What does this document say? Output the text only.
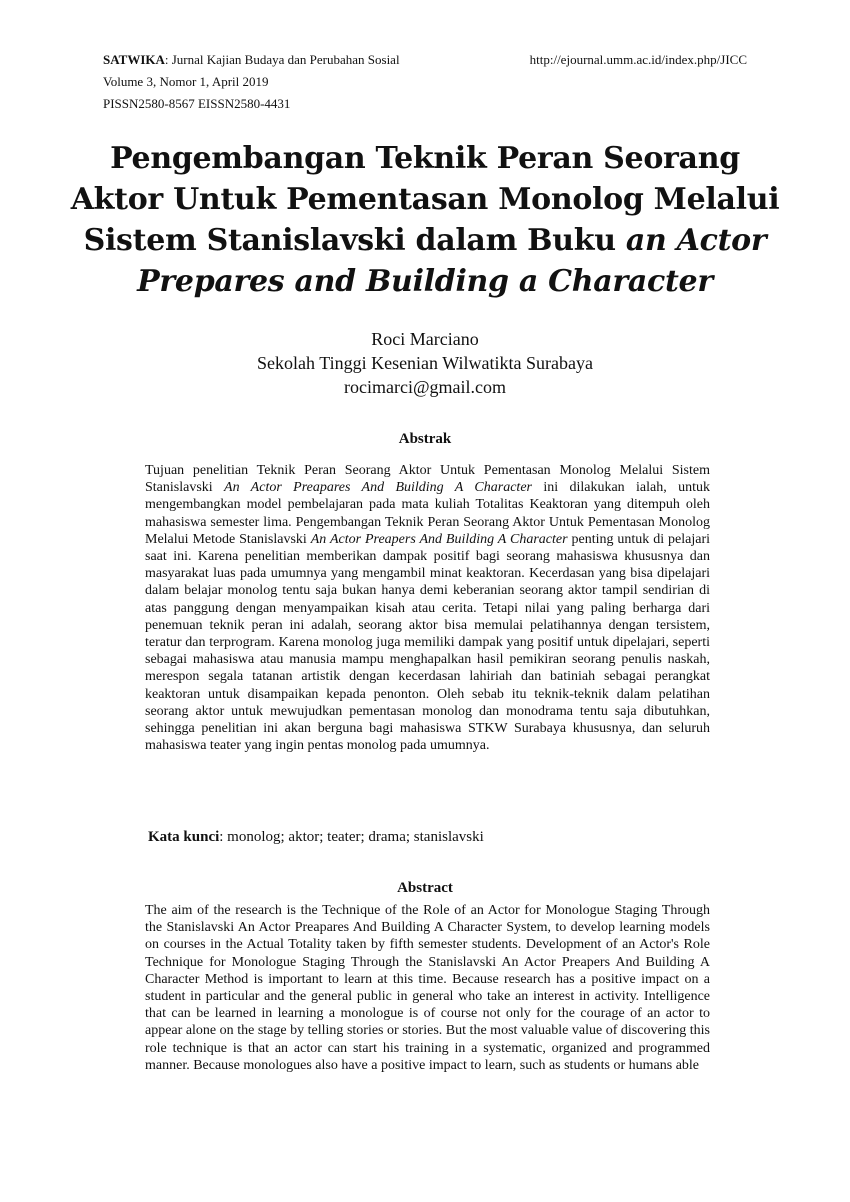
SATWIKA: Jurnal Kajian Budaya dan Perubahan Sosial	http://ejournal.umm.ac.id/index.php/JICC
Volume 3, Nomor 1, April 2019
PISSN2580-8567 EISSN2580-4431
Pengembangan Teknik Peran Seorang Aktor Untuk Pementasan Monolog Melalui Sistem Stanislavski dalam Buku an Actor Prepares and Building a Character
Roci Marciano
Sekolah Tinggi Kesenian Wilwatikta Surabaya
rocimarci@gmail.com
Abstrak
Tujuan penelitian Teknik Peran Seorang Aktor Untuk Pementasan Monolog Melalui Sistem Stanislavski An Actor Preapares And Building A Character ini dilakukan ialah, untuk mengembangkan model pembelajaran pada mata kuliah Totalitas Keaktoran yang ditempuh oleh mahasiswa semester lima. Pengembangan Teknik Peran Seorang Aktor Untuk Pementasan Monolog Melalui Metode Stanislavski An Actor Preapers And Building A Character penting untuk di pelajari saat ini. Karena penelitian memberikan dampak positif bagi seorang mahasiswa khususnya dan masyarakat luas pada umumnya yang mengambil minat keaktoran. Kecerdasan yang bisa dipelajari dalam belajar monolog tentu saja bukan hanya demi keberanian seorang aktor tampil sendirian di atas panggung dengan menyampaikan kisah atau cerita. Tetapi nilai yang paling berharga dari penemuan teknik peran ini adalah, seorang aktor bisa memulai pelatihannya dengan tersistem, teratur dan terprogram. Karena monolog juga memiliki dampak yang positif untuk dipelajari, seperti sebagai mahasiswa atau manusia mampu menghapalkan hasil pemikiran seorang penulis naskah, merespon segala tatanan artistik dengan kecerdasan lahiriah dan batiniah sebagai perangkat keaktoran untuk disampaikan kepada penonton. Oleh sebab itu teknik-teknik dalam pelatihan seorang aktor untuk mewujudkan pementasan monolog dan monodrama tentu saja dibutuhkan, sehingga penelitian ini akan berguna bagi mahasiswa STKW Surabaya khususnya, dan seluruh mahasiswa teater yang ingin pentas monolog pada umumnya.
Kata kunci: monolog; aktor; teater; drama; stanislavski
Abstract
The aim of the research is the Technique of the Role of an Actor for Monologue Staging Through the Stanislavski An Actor Preapares And Building A Character System, to develop learning models on courses in the Actual Totality taken by fifth semester students. Development of an Actor's Role Technique for Monologue Staging Through the Stanislavski An Actor Preapers And Building A Character Method is important to learn at this time. Because research has a positive impact on a student in particular and the general public in general who take an interest in activity. Intelligence that can be learned in learning a monologue is of course not only for the courage of an actor to appear alone on the stage by telling stories or stories. But the most valuable value of discovering this role technique is that an actor can start his training in a systematic, organized and programmed manner. Because monologues also have a positive impact to learn, such as students or humans able
